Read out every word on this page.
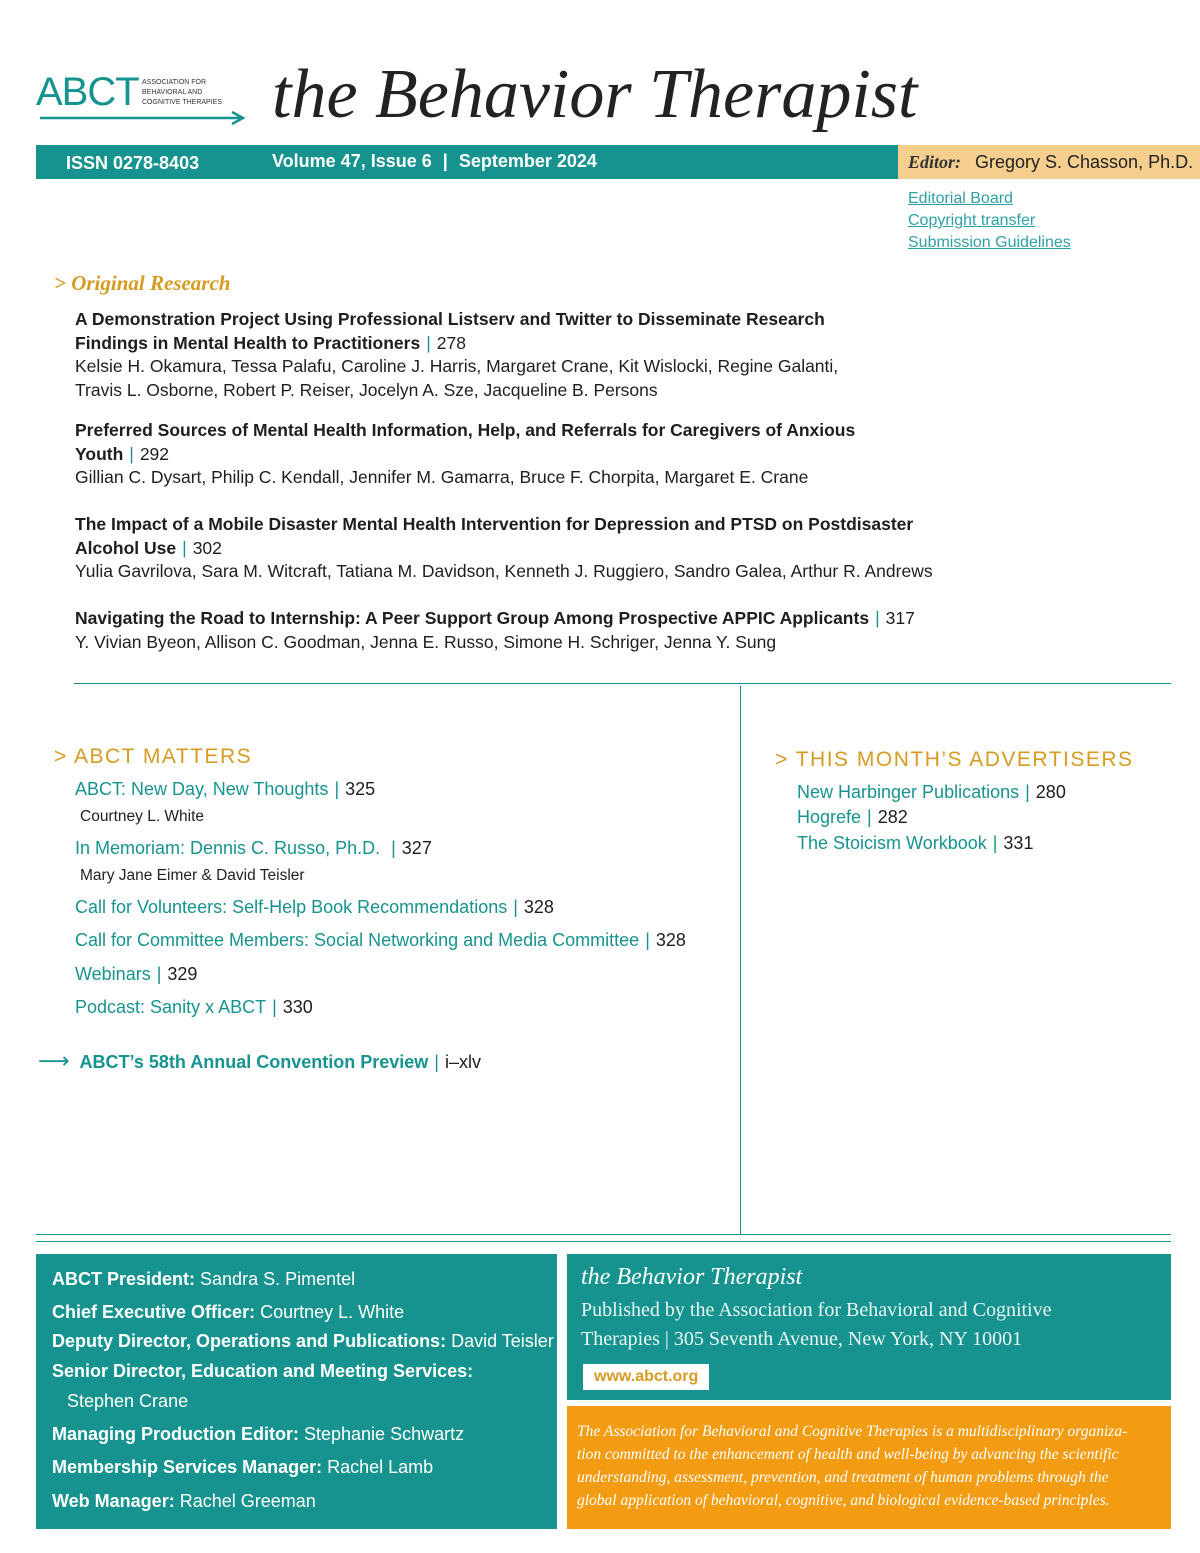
ABCT ASSOCIATION FOR
BEHAVIORAL AND
COGNITIVE THERAPIES the Behavior Therapist
ISSN 0278-8403	Volume 47, Issue 6 | September 2024	Editor: Gregory S. Chasson, Ph.D.
Editorial Board
Copyright transfer
Submission Guidelines
> Original Research
A Demonstration Project Using Professional Listserv and Twitter to Disseminate Research
Findings in Mental Health to Practitioners | 278
Kelsie H. Okamura, Tessa Palafu, Caroline J. Harris, Margaret Crane, Kit Wislocki, Regine Galanti,
Travis L. Osborne, Robert P. Reiser, Jocelyn A. Sze, Jacqueline B. Persons
Preferred Sources of Mental Health Information, Help, and Referrals for Caregivers of Anxious
Youth | 292
Gillian C. Dysart, Philip C. Kendall, Jennifer M. Gamarra, Bruce F. Chorpita, Margaret E. Crane
The Impact of a Mobile Disaster Mental Health Intervention for Depression and PTSD on Postdisaster
Alcohol Use | 302
Yulia Gavrilova, Sara M. Witcraft, Tatiana M. Davidson, Kenneth J. Ruggiero, Sandro Galea, Arthur R. Andrews
Navigating the Road to Internship: A Peer Support Group Among Prospective APPIC Applicants | 317
Y. Vivian Byeon, Allison C. Goodman, Jenna E. Russo, Simone H. Schriger, Jenna Y. Sung
> ABCT MATTERS
ABCT: New Day, New Thoughts | 325
Courtney L. White
In Memoriam: Dennis C. Russo, Ph.D. | 327
Mary Jane Eimer & David Teisler
Call for Volunteers: Self-Help Book Recommendations | 328
Call for Committee Members: Social Networking and Media Committee | 328
Webinars | 329
Podcast: Sanity x ABCT | 330
⟶ ABCT’s 58th Annual Convention Preview | i–xlv
> THIS MONTH’S ADVERTISERS
New Harbinger Publications | 280
Hogrefe | 282
The Stoicism Workbook | 331
ABCT President: Sandra S. Pimentel
Chief Executive Officer: Courtney L. White
Deputy Director, Operations and Publications: David Teisler
Senior Director, Education and Meeting Services:
Stephen Crane
Managing Production Editor: Stephanie Schwartz
Membership Services Manager: Rachel Lamb
Web Manager: Rachel Greeman
the Behavior Therapist
Published by the Association for Behavioral and Cognitive
Therapies | 305 Seventh Avenue, New York, NY 10001
www.abct.org
The Association for Behavioral and Cognitive Therapies is a multidisciplinary organiza-
tion committed to the enhancement of health and well-being by advancing the scientific
understanding, assessment, prevention, and treatment of human problems through the
global application of behavioral, cognitive, and biological evidence-based principles.
